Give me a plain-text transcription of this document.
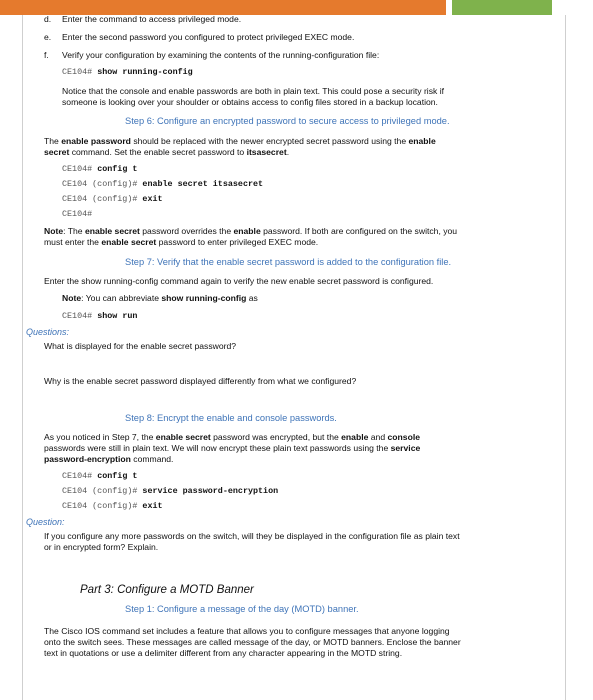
d. Enter the command to access privileged mode.
e. Enter the second password you configured to protect privileged EXEC mode.
f. Verify your configuration by examining the contents of the running-configuration file:
CE104# show running-config
Notice that the console and enable passwords are both in plain text. This could pose a security risk if
someone is looking over your shoulder or obtains access to config files stored in a backup location.
Step 6: Configure an encrypted password to secure access to privileged mode.
The enable password should be replaced with the newer encrypted secret password using the enable
secret command. Set the enable secret password to itsasecret.
CE104# config t
CE104 (config)# enable secret itsasecret
CE104 (config)# exit
CE104#
Note: The enable secret password overrides the enable password. If both are configured on the switch, you
must enter the enable secret password to enter privileged EXEC mode.
Step 7: Verify that the enable secret password is added to the configuration file.
Enter the show running-config command again to verify the new enable secret password is configured.
Note: You can abbreviate show running-config as
CE104# show run
Questions:
What is displayed for the enable secret password?
Why is the enable secret password displayed differently from what we configured?
Step 8: Encrypt the enable and console passwords.
As you noticed in Step 7, the enable secret password was encrypted, but the enable and console
passwords were still in plain text. We will now encrypt these plain text passwords using the service
password-encryption command.
CE104# config t
CE104 (config)# service password-encryption
CE104 (config)# exit
Question:
If you configure any more passwords on the switch, will they be displayed in the configuration file as plain text
or in encrypted form? Explain.
Part 3: Configure a MOTD Banner
Step 1: Configure a message of the day (MOTD) banner.
The Cisco IOS command set includes a feature that allows you to configure messages that anyone logging
onto the switch sees. These messages are called message of the day, or MOTD banners. Enclose the banner
text in quotations or use a delimiter different from any character appearing in the MOTD string.
